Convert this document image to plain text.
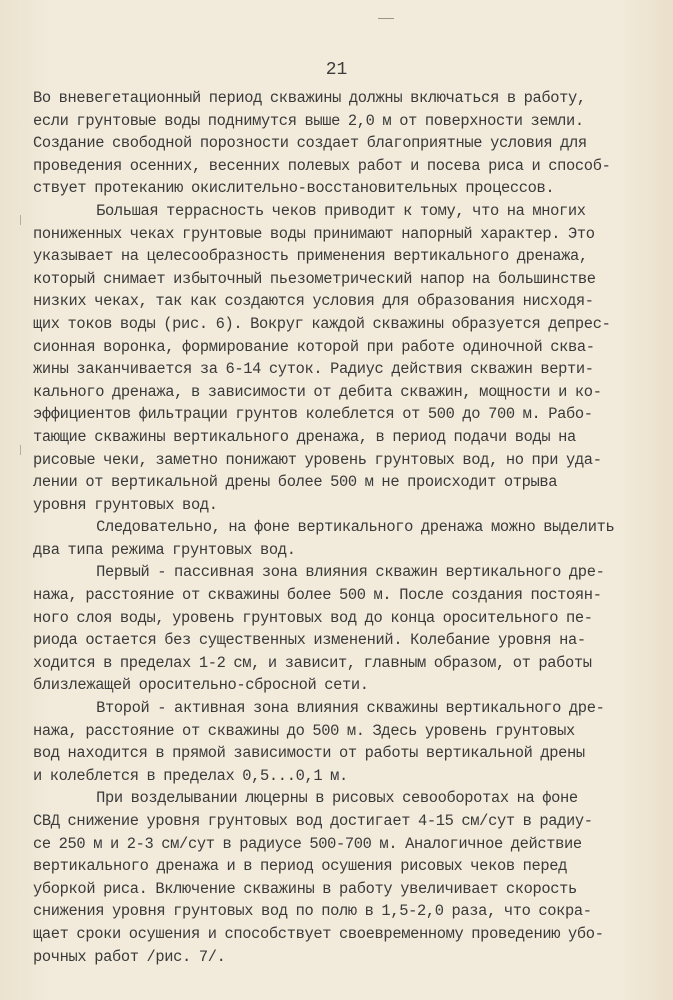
21
Во вневегетационный период скважины должны включаться в работу,
если грунтовые воды поднимутся выше 2,0 м от поверхности земли.
Создание свободной порозности создает благоприятные условия для
проведения осенних, весенних полевых работ и посева риса и способ-
ствует протеканию окислительно-восстановительных процессов.
Большая террасность чеков приводит к тому, что на многих
пониженных чеках грунтовые воды принимают напорный характер. Это
указывает на целесообразность применения вертикального дренажа,
который снимает избыточный пьезометрический напор на большинстве
низких чеках, так как создаются условия для образования нисходя-
щих токов воды (рис. 6). Вокруг каждой скважины образуется депрес-
сионная воронка, формирование которой при работе одиночной сква-
жины заканчивается за 6-14 суток. Радиус действия скважин верти-
кального дренажа, в зависимости от дебита скважин, мощности и ко-
эффициентов фильтрации грунтов колеблется от 500 до 700 м. Рабо-
тающие скважины вертикального дренажа, в период подачи воды на
рисовые чеки, заметно понижают уровень грунтовых вод, но при уда-
лении от вертикальной дрены более 500 м не происходит отрыва
уровня грунтовых вод.
Следовательно, на фоне вертикального дренажа можно выделить
два типа режима грунтовых вод.
Первый - пассивная зона влияния скважин вертикального дре-
нажа, расстояние от скважины более 500 м. После создания постоян-
ного слоя воды, уровень грунтовых вод до конца оросительного пе-
риода остается без существенных изменений. Колебание уровня на-
ходится в пределах 1-2 см, и зависит, главным образом, от работы
близлежащей оросительно-сбросной сети.
Второй - активная зона влияния скважины вертикального дре-
нажа, расстояние от скважины до 500 м. Здесь уровень грунтовых
вод находится в прямой зависимости от работы вертикальной дрены
и колеблется в пределах 0,5...0,1 м.
При возделывании люцерны в рисовых севооборотах на фоне
СВД снижение уровня грунтовых вод достигает 4-15 см/сут в радиу-
се 250 м и 2-3 см/сут в радиусе 500-700 м. Аналогичное действие
вертикального дренажа и в период осушения рисовых чеков перед
уборкой риса. Включение скважины в работу увеличивает скорость
снижения уровня грунтовых вод по полю в 1,5-2,0 раза, что сокра-
щает сроки осушения и способствует своевременному проведению убо-
рочных работ /рис. 7/.
